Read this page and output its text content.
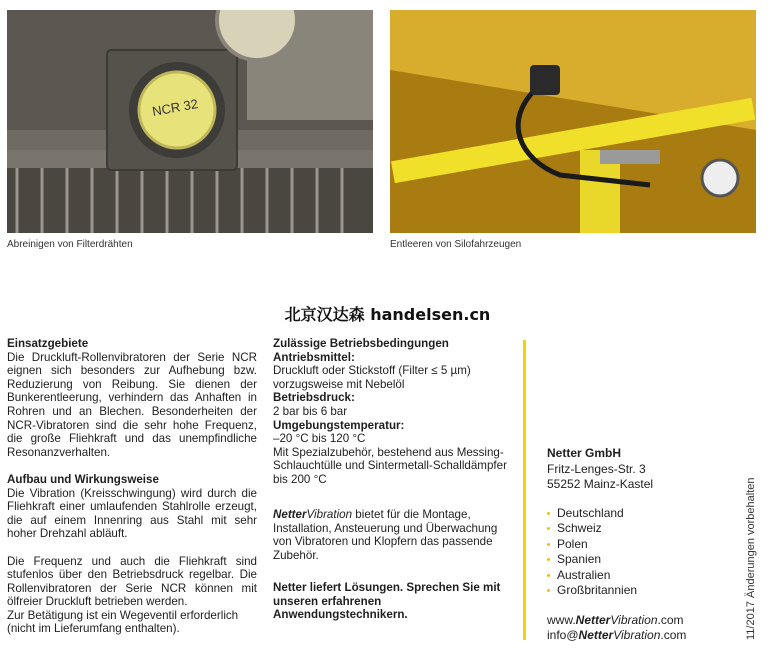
NCR 32
Abreinigen von Filterdrähten	Entleeren von Silofahrzeugen
北京汉达森 handelsen.cn
Einsatzgebiete

Die Druckluft-Rollenvibratoren der Serie NCR eignen sich besonders zur Aufhebung bzw. Reduzierung von Reibung. Sie dienen der Bunkerentleerung, verhindern das Anhaften in Rohren und an Blechen. Besonderheiten der NCR-Vibratoren sind die sehr hohe Frequenz, die große Fliehkraft und das unempfindliche Resonanzverhalten.

Aufbau und Wirkungsweise

Die Vibration (Kreisschwingung) wird durch die Fliehkraft einer umlaufenden Stahlrolle erzeugt, die auf einem Innenring aus Stahl mit sehr hoher Drehzahl abläuft.

Die Frequenz und auch die Fliehkraft sind stufenlos über den Betriebsdruck regelbar. Die Rollenvibratoren der Serie NCR können mit ölfreier Druckluft betrieben werden.

Zur Betätigung ist ein Wegeventil erforderlich (nicht im Lieferumfang enthalten).

Zulässige Betriebsbedingungen
Antriebsmittel:

Druckluft oder Stickstoff (Filter ≤ 5 µm) vorzugsweise mit Nebelöl

Betriebsdruck:

2 bar bis 6 bar

Umgebungstemperatur:

–20 °C bis 120 °C

Mit Spezialzubehör, bestehend aus Messing-Schlauchtülle und Sintermetall-Schalldämpfer bis 200 °C

NetterVibration bietet für die Montage, Installation, Ansteuerung und Überwachung von Vibratoren und Klopfern das passende Zubehör.

Netter liefert Lösungen. Sprechen Sie mit unseren erfahrenen Anwendungstechnikern.
Netter GmbH
Fritz-Lenges-Str. 3
55252 Mainz-Kastel
Deutschland
Schweiz
Polen
Spanien
Australien
Großbritannien
www.NetterVibration.com
info@NetterVibration.com	11/2017 Änderungen vorbehalten
